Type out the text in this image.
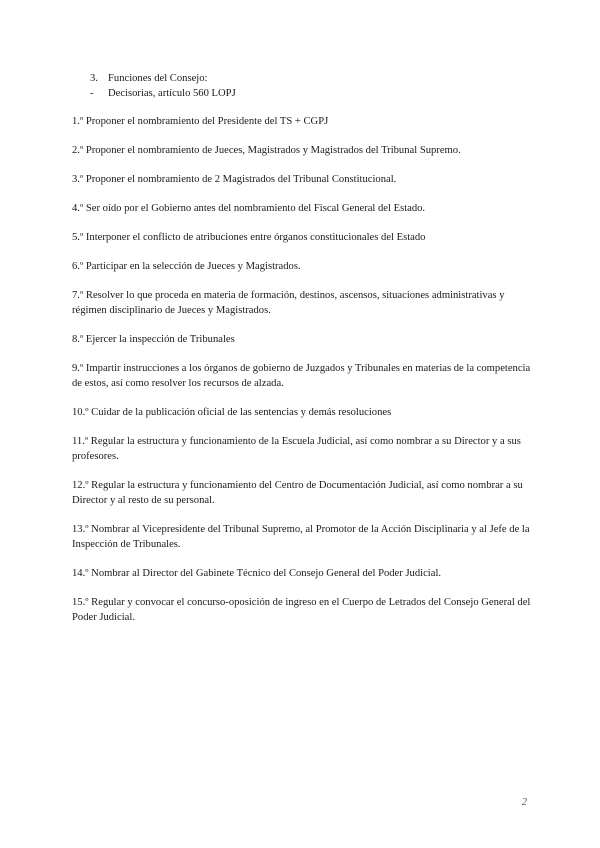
3. Funciones del Consejo:
- Decisorias, artículo 560 LOPJ

1.º Proponer el nombramiento del Presidente del TS + CGPJ

2.º Proponer el nombramiento de Jueces, Magistrados y Magistrados del Tribunal Supremo.

3.º Proponer el nombramiento de 2 Magistrados del Tribunal Constitucional.

4.º Ser oído por el Gobierno antes del nombramiento del Fiscal General del Estado.

5.º Interponer el conflicto de atribuciones entre órganos constitucionales del Estado

6.º Participar en la selección de Jueces y Magistrados.

7.º Resolver lo que proceda en materia de formación, destinos, ascensos, situaciones administrativas y régimen disciplinario de Jueces y Magistrados.

8.º Ejercer la inspección de Tribunales

9.º Impartir instrucciones a los órganos de gobierno de Juzgados y Tribunales en materias de la competencia de estos, así como resolver los recursos de alzada.

10.º Cuidar de la publicación oficial de las sentencias y demás resoluciones

11.º Regular la estructura y funcionamiento de la Escuela Judicial, así como nombrar a su Director y a sus profesores.

12.º Regular la estructura y funcionamiento del Centro de Documentación Judicial, así como nombrar a su Director y al resto de su personal.

13.º Nombrar al Vicepresidente del Tribunal Supremo, al Promotor de la Acción Disciplinaria y al Jefe de la Inspección de Tribunales.

14.º Nombrar al Director del Gabinete Técnico del Consejo General del Poder Judicial.

15.º Regular y convocar el concurso-oposición de ingreso en el Cuerpo de Letrados del Consejo General del Poder Judicial.

2
